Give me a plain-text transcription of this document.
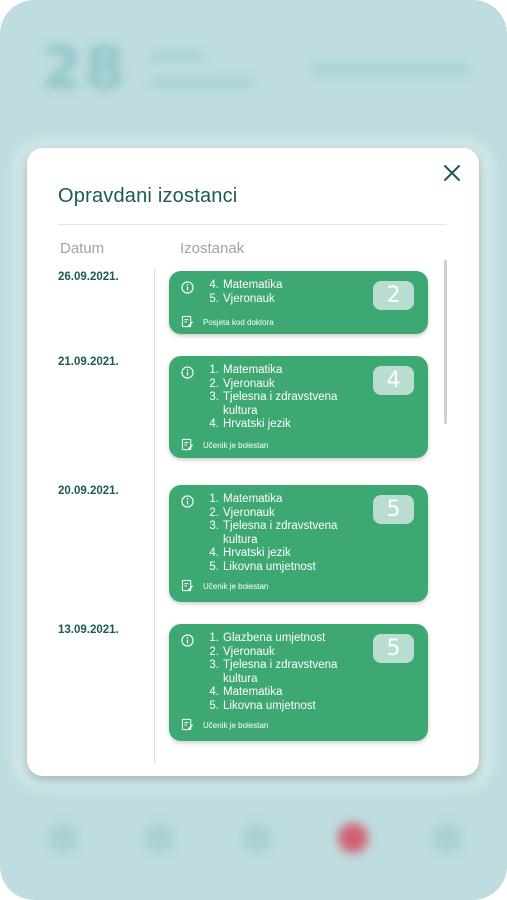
28
Opravdani izostanci
Datum	Izostanak
26.09.2021.
4. Matematika
5. Vjeronauk	2
Posjeta kod doktora
21.09.2021.
1. Matematika
2. Vjeronauk
3. Tjelesna i zdravstvena kultura
4. Hrvatski jezik
4
Učenik je bolestan
20.09.2021.
1. Matematika
2. Vjeronauk
3. Tjelesna i zdravstvena kultura
4. Hrvatski jezik
5. Likovna umjetnost
5
Učenik je bolestan
13.09.2021.
1. Glazbena umjetnost
2. Vjeronauk
3. Tjelesna i zdravstvena kultura
4. Matematika
5. Likovna umjetnost
5
Učenik je bolestan
